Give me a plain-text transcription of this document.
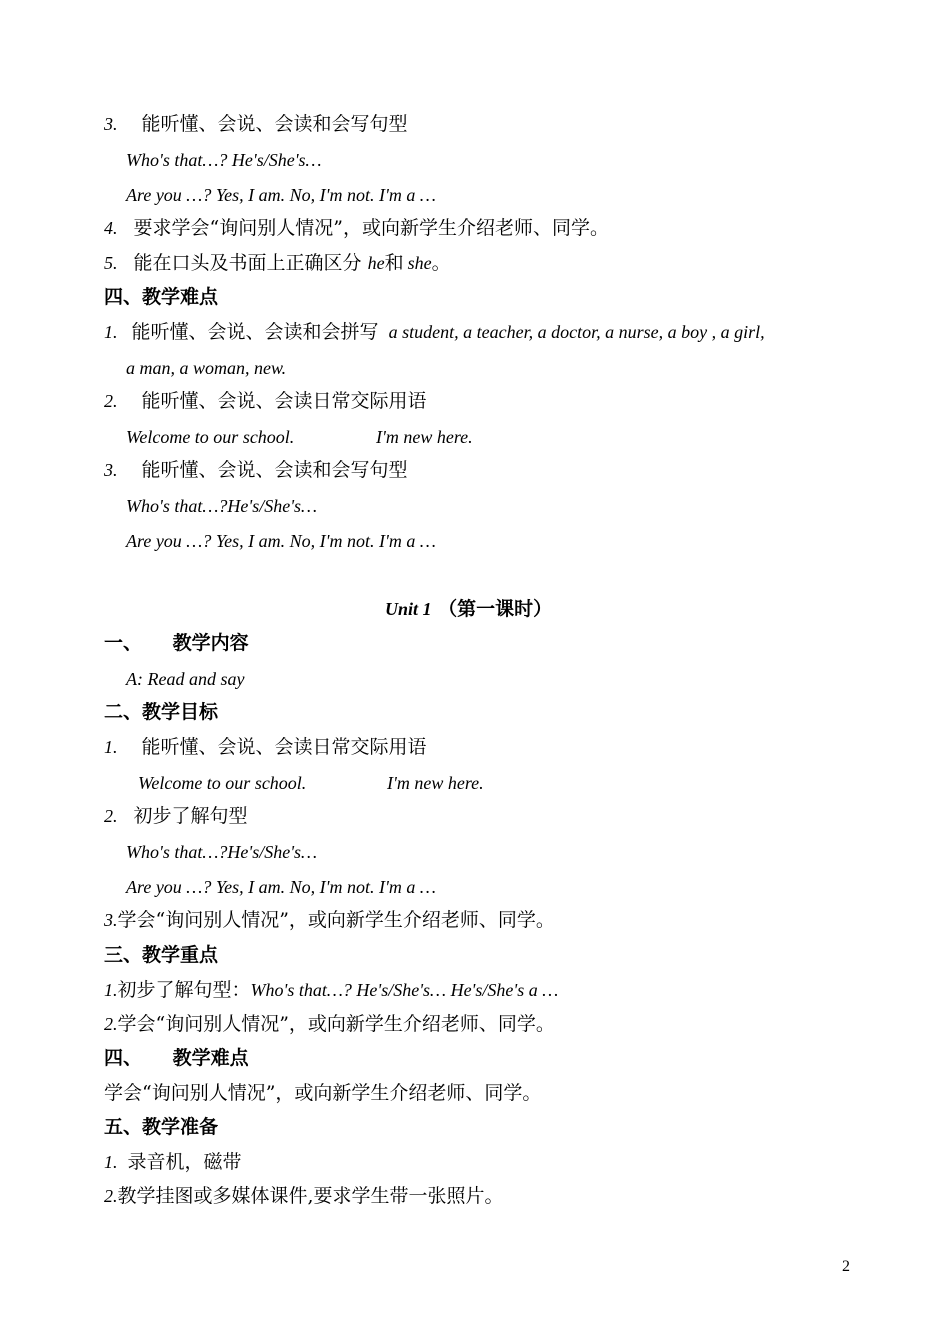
3. 能听懂、会说、会读和会写句型
Who's that…? He's/She's…
Are you …? Yes, I am. No, I'm not. I'm a …
4. 要求学会“询问别人情况”，或向新学生介绍老师、同学。
5. 能在口头及书面上正确区分 he和 she。
四、教学难点
1. 能听懂、会说、会读和会拼写 a student, a teacher, a doctor, a nurse, a boy , a girl,
a man, a woman, new.
2. 能听懂、会说、会读日常交际用语
Welcome to our school.	I'm new here.
3. 能听懂、会说、会读和会写句型
Who's that…?He's/She's…
Are you …? Yes, I am. No, I'm not. I'm a …
Unit 1 （第一课时）
一、 教学内容
A: Read and say
二、教学目标
1. 能听懂、会说、会读日常交际用语
Welcome to our school.	I'm new here.
2. 初步了解句型
Who's that…?He's/She's…
Are you …? Yes, I am. No, I'm not. I'm a …
3.学会“询问别人情况”，或向新学生介绍老师、同学。
三、教学重点
1.初步了解句型：Who's that…? He's/She's… He's/She's a …
2.学会“询问别人情况”，或向新学生介绍老师、同学。
四、 教学难点
学会“询问别人情况”，或向新学生介绍老师、同学。
五、教学准备
1. 录音机，磁带
2.教学挂图或多媒体课件,要求学生带一张照片。
2
